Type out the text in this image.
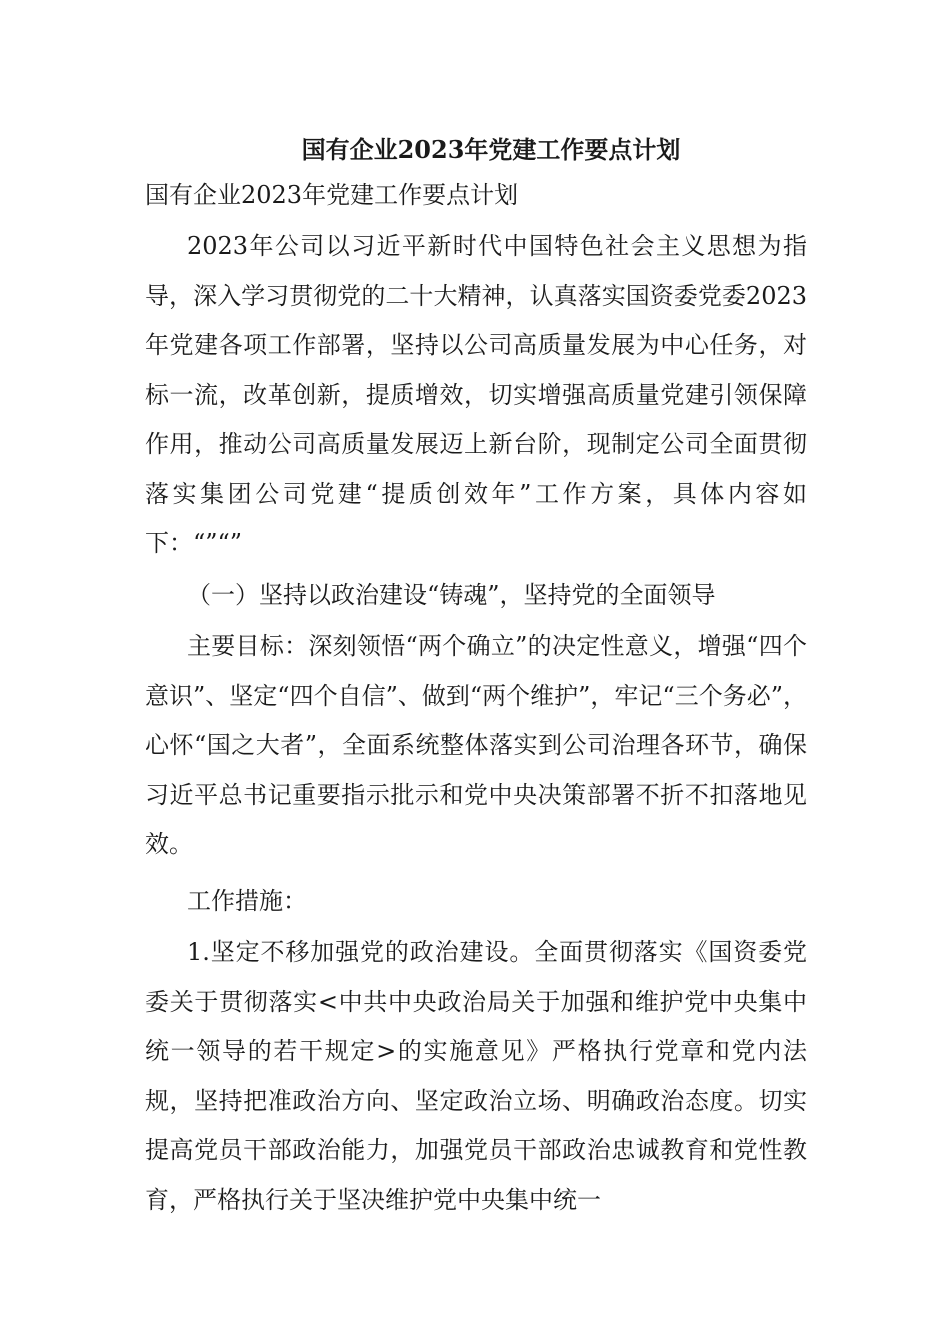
国有企业2023年党建工作要点计划

国有企业2023年党建工作要点计划

2023年公司以习近平新时代中国特色社会主义思想为指导，深入学习贯彻党的二十大精神，认真落实国资委党委2023年党建各项工作部署，坚持以公司高质量发展为中心任务，对标一流，改革创新，提质增效，切实增强高质量党建引领保障作用，推动公司高质量发展迈上新台阶，现制定公司全面贯彻落实集团公司党建“提质创效年”工作方案，具体内容如下：“”“”

（一）坚持以政治建设“铸魂”，坚持党的全面领导

主要目标：深刻领悟“两个确立”的决定性意义，增强“四个意识”、坚定“四个自信”、做到“两个维护”，牢记“三个务必”，心怀“国之大者”，全面系统整体落实到公司治理各环节，确保习近平总书记重要指示批示和党中央决策部署不折不扣落地见效。

工作措施：

1.坚定不移加强党的政治建设。全面贯彻落实《国资委党委关于贯彻落实<中共中央政治局关于加强和维护党中央集中统一领导的若干规定>的实施意见》严格执行党章和党内法规，坚持把准政治方向、坚定政治立场、明确政治态度。切实提高党员干部政治能力，加强党员干部政治忠诚教育和党性教育，严格执行关于坚决维护党中央集中统一
